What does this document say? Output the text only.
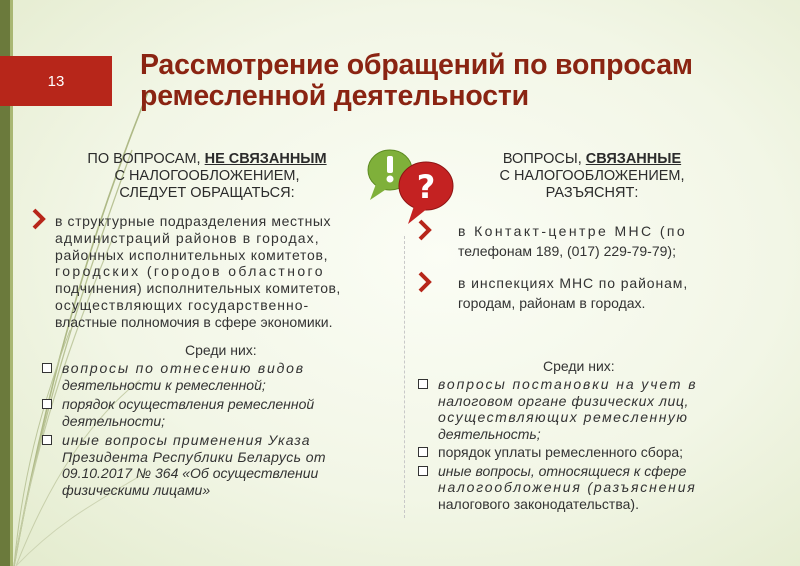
13	Рассмотрение обращений по вопросам
ремесленной деятельности
?
ПО ВОПРОСАМ, НЕ СВЯЗАННЫМ
С НАЛОГООБЛОЖЕНИЕМ,
СЛЕДУЕТ ОБРАЩАТЬСЯ:
в структурные подразделения местных
администраций районов в городах,
районных исполнительных комитетов,
городских (городов областного
подчинения) исполнительных комитетов,
осуществляющих государственно-
властные полномочия в сфере экономики.
Среди них:
вопросы по отнесению видов
деятельности к ремесленной;
порядок осуществления ремесленной
деятельности;
иные вопросы применения Указа
Президента Республики Беларусь от
09.10.2017 № 364 «Об осуществлении
физическими лицами»
ВОПРОСЫ, СВЯЗАННЫЕ
С НАЛОГООБЛОЖЕНИЕМ,
РАЗЪЯСНЯТ:
в Контакт-центре МНС (по
телефонам 189, (017) 229-79-79);
в инспекциях МНС по районам,
городам, районам в городах.
Среди них:
вопросы постановки на учет в
налоговом органе физических лиц,
осуществляющих ремесленную
деятельность;
порядок уплаты ремесленного сбора;
иные вопросы, относящиеся к сфере
налогообложения (разъяснения
налогового законодательства).
